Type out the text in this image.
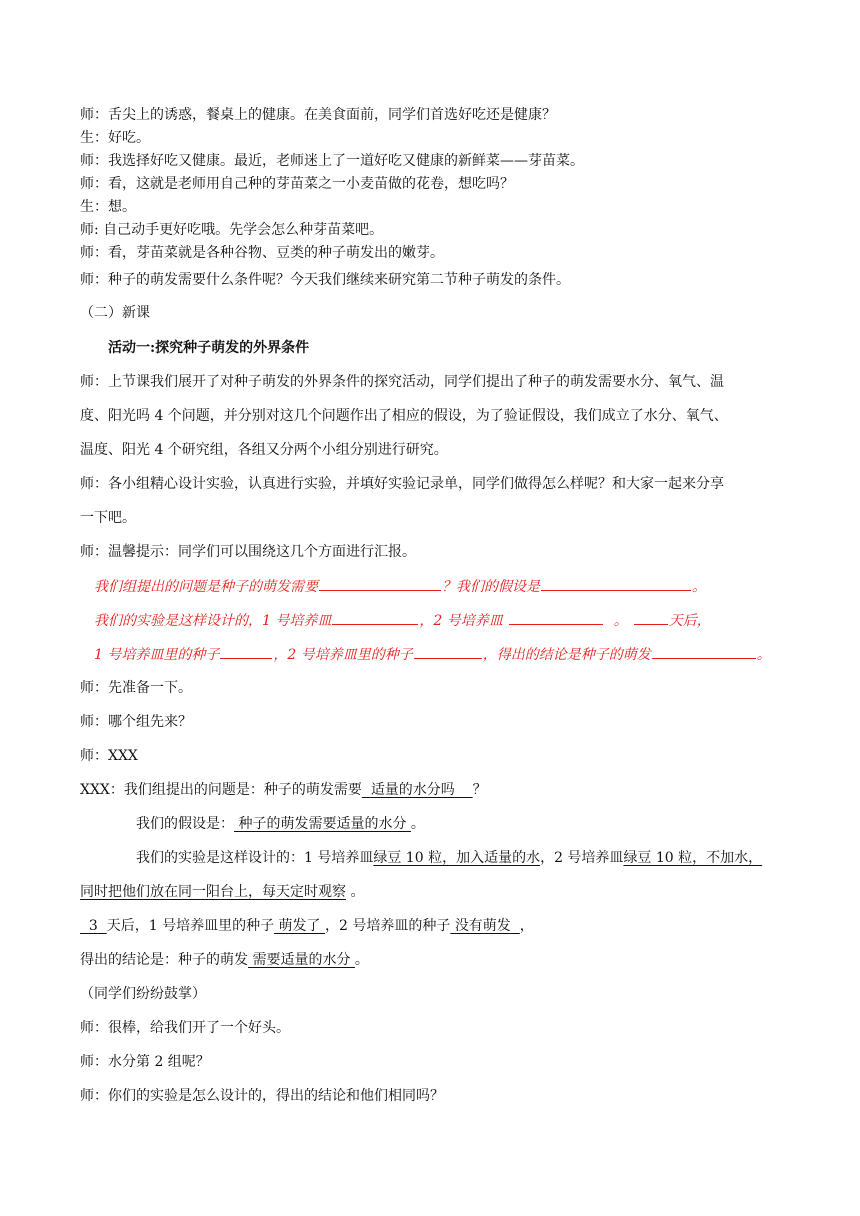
师：舌尖上的诱惑，餐桌上的健康。在美食面前，同学们首选好吃还是健康？
生：好吃。
师：我选择好吃又健康。最近，老师迷上了一道好吃又健康的新鲜菜——芽苗菜。
师：看，这就是老师用自己种的芽苗菜之一小麦苗做的花卷，想吃吗？
生：想。
师: 自己动手更好吃哦。先学会怎么种芽苗菜吧。
师：看，芽苗菜就是各种谷物、豆类的种子萌发出的嫩芽。
师：种子的萌发需要什么条件呢？今天我们继续来研究第二节种子萌发的条件。
（二）新课
活动一:探究种子萌发的外界条件
师：上节课我们展开了对种子萌发的外界条件的探究活动，同学们提出了种子的萌发需要水分、氧气、温
度、阳光吗 4 个问题，并分别对这几个问题作出了相应的假设，为了验证假设，我们成立了水分、氧气、
温度、阳光 4 个研究组，各组又分两个小组分别进行研究。
师：各小组精心设计实验，认真进行实验，并填好实验记录单，同学们做得怎么样呢？和大家一起来分享
一下吧。
师：温馨提示：同学们可以围绕这几个方面进行汇报。
我们组提出的问题是种子的萌发需要	？我们的假设是	。
我们的实验是这样设计的，1 号培养皿	，2 号培养皿	。	天后，
1 号培养皿里的种子	，2 号培养皿里的种子	，得出的结论是种子的萌发	。
师：先准备一下。
师：哪个组先来？
师：XXX
XXX：我们组提出的问题是：种子的萌发需要 适量的水分吗 ？
我们的假设是： 种子的萌发需要适量的水分 。
我们的实验是这样设计的：1 号培养皿绿豆 10 粒，加入适量的水，2 号培养皿绿豆 10 粒，不加水，
同时把他们放在同一阳台上，每天定时观察 。
3 天后，1 号培养皿里的种子 萌发了 ，2 号培养皿的种子 没有萌发 ，
得出的结论是：种子的萌发 需要适量的水分 。
（同学们纷纷鼓掌）
师：很棒，给我们开了一个好头。
师：水分第 2 组呢？
师：你们的实验是怎么设计的，得出的结论和他们相同吗？
